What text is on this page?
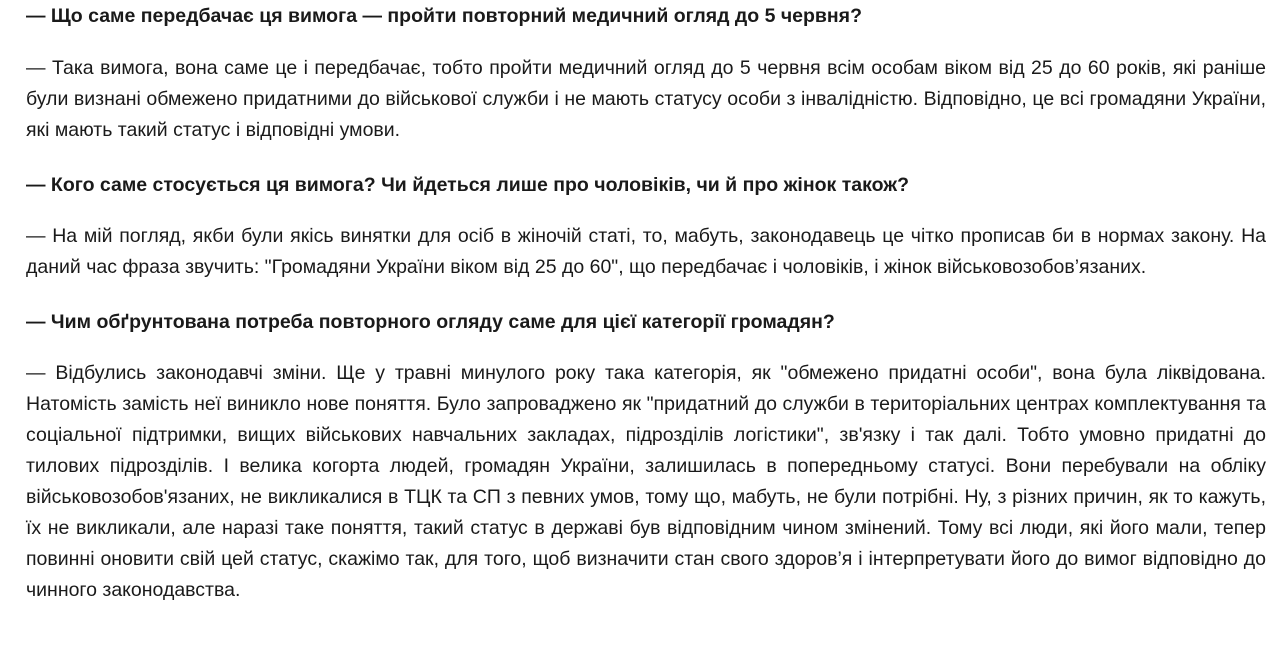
— Що саме передбачає ця вимога — пройти повторний медичний огляд до 5 червня?

— Така вимога, вона саме це і передбачає, тобто пройти медичний огляд до 5 червня всім особам віком від 25 до 60 років, які раніше були визнані обмежено придатними до військової служби і не мають статусу особи з інвалідністю. Відповідно, це всі громадяни України, які мають такий статус і відповідні умови.

— Кого саме стосується ця вимога? Чи йдеться лише про чоловіків, чи й про жінок також?

— На мій погляд, якби були якісь винятки для осіб в жіночій статі, то, мабуть, законодавець це чітко прописав би в нормах закону. На даний час фраза звучить: "Громадяни України віком від 25 до 60", що передбачає і чоловіків, і жінок військовозобов’язаних.

— Чим обґрунтована потреба повторного огляду саме для цієї категорії громадян?

— Відбулись законодавчі зміни. Ще у травні минулого року така категорія, як "обмежено придатні особи", вона була ліквідована. Натомість замість неї виникло нове поняття. Було запроваджено як "придатний до служби в територіальних центрах комплектування та соціальної підтримки, вищих військових навчальних закладах, підрозділів логістики", зв'язку і так далі. Тобто умовно придатні до тилових підрозділів. І велика когорта людей, громадян України, залишилась в попередньому статусі. Вони перебували на обліку військовозобов'язаних, не викликалися в ТЦК та СП з певних умов, тому що, мабуть, не були потрібні. Ну, з різних причин, як то кажуть, їх не викликали, але наразі таке поняття, такий статус в державі був відповідним чином змінений. Тому всі люди, які його мали, тепер повинні оновити свій цей статус, скажімо так, для того, щоб визначити стан свого здоров’я і інтерпретувати його до вимог відповідно до чинного законодавства.
